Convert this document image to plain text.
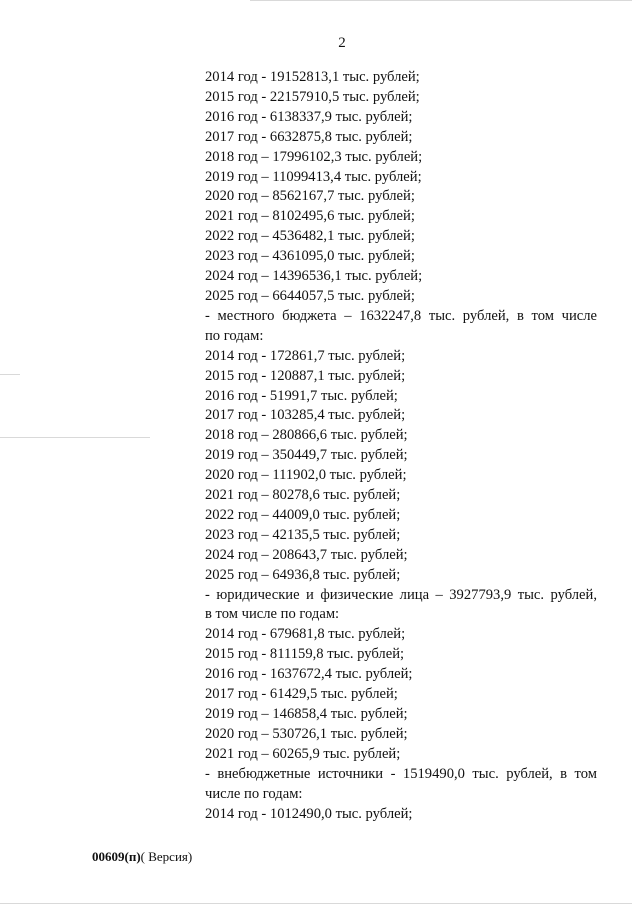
2
2014 год - 19152813,1 тыс. рублей;
2015 год - 22157910,5 тыс. рублей;
2016 год - 6138337,9 тыс. рублей;
2017 год - 6632875,8 тыс. рублей;
2018 год – 17996102,3 тыс. рублей;
2019 год – 11099413,4 тыс. рублей;
2020 год – 8562167,7 тыс. рублей;
2021 год – 8102495,6 тыс. рублей;
2022 год – 4536482,1 тыс. рублей;
2023 год – 4361095,0 тыс. рублей;
2024 год – 14396536,1 тыс. рублей;
2025 год – 6644057,5 тыс. рублей;
- местного бюджета – 1632247,8 тыс. рублей, в том числе
по годам:
2014 год - 172861,7 тыс. рублей;
2015 год - 120887,1 тыс. рублей;
2016 год - 51991,7 тыс. рублей;
2017 год - 103285,4 тыс. рублей;
2018 год – 280866,6 тыс. рублей;
2019 год – 350449,7 тыс. рублей;
2020 год – 111902,0 тыс. рублей;
2021 год – 80278,6 тыс. рублей;
2022 год – 44009,0 тыс. рублей;
2023 год – 42135,5 тыс. рублей;
2024 год – 208643,7 тыс. рублей;
2025 год – 64936,8 тыс. рублей;
- юридические и физические лица – 3927793,9 тыс. рублей,
в том числе по годам:
2014 год - 679681,8 тыс. рублей;
2015 год - 811159,8 тыс. рублей;
2016 год - 1637672,4 тыс. рублей;
2017 год - 61429,5 тыс. рублей;
2019 год – 146858,4 тыс. рублей;
2020 год – 530726,1 тыс. рублей;
2021 год – 60265,9 тыс. рублей;
- внебюджетные источники - 1519490,0 тыс. рублей, в том
числе по годам:
2014 год - 1012490,0 тыс. рублей;
00609(п)( Версия)
